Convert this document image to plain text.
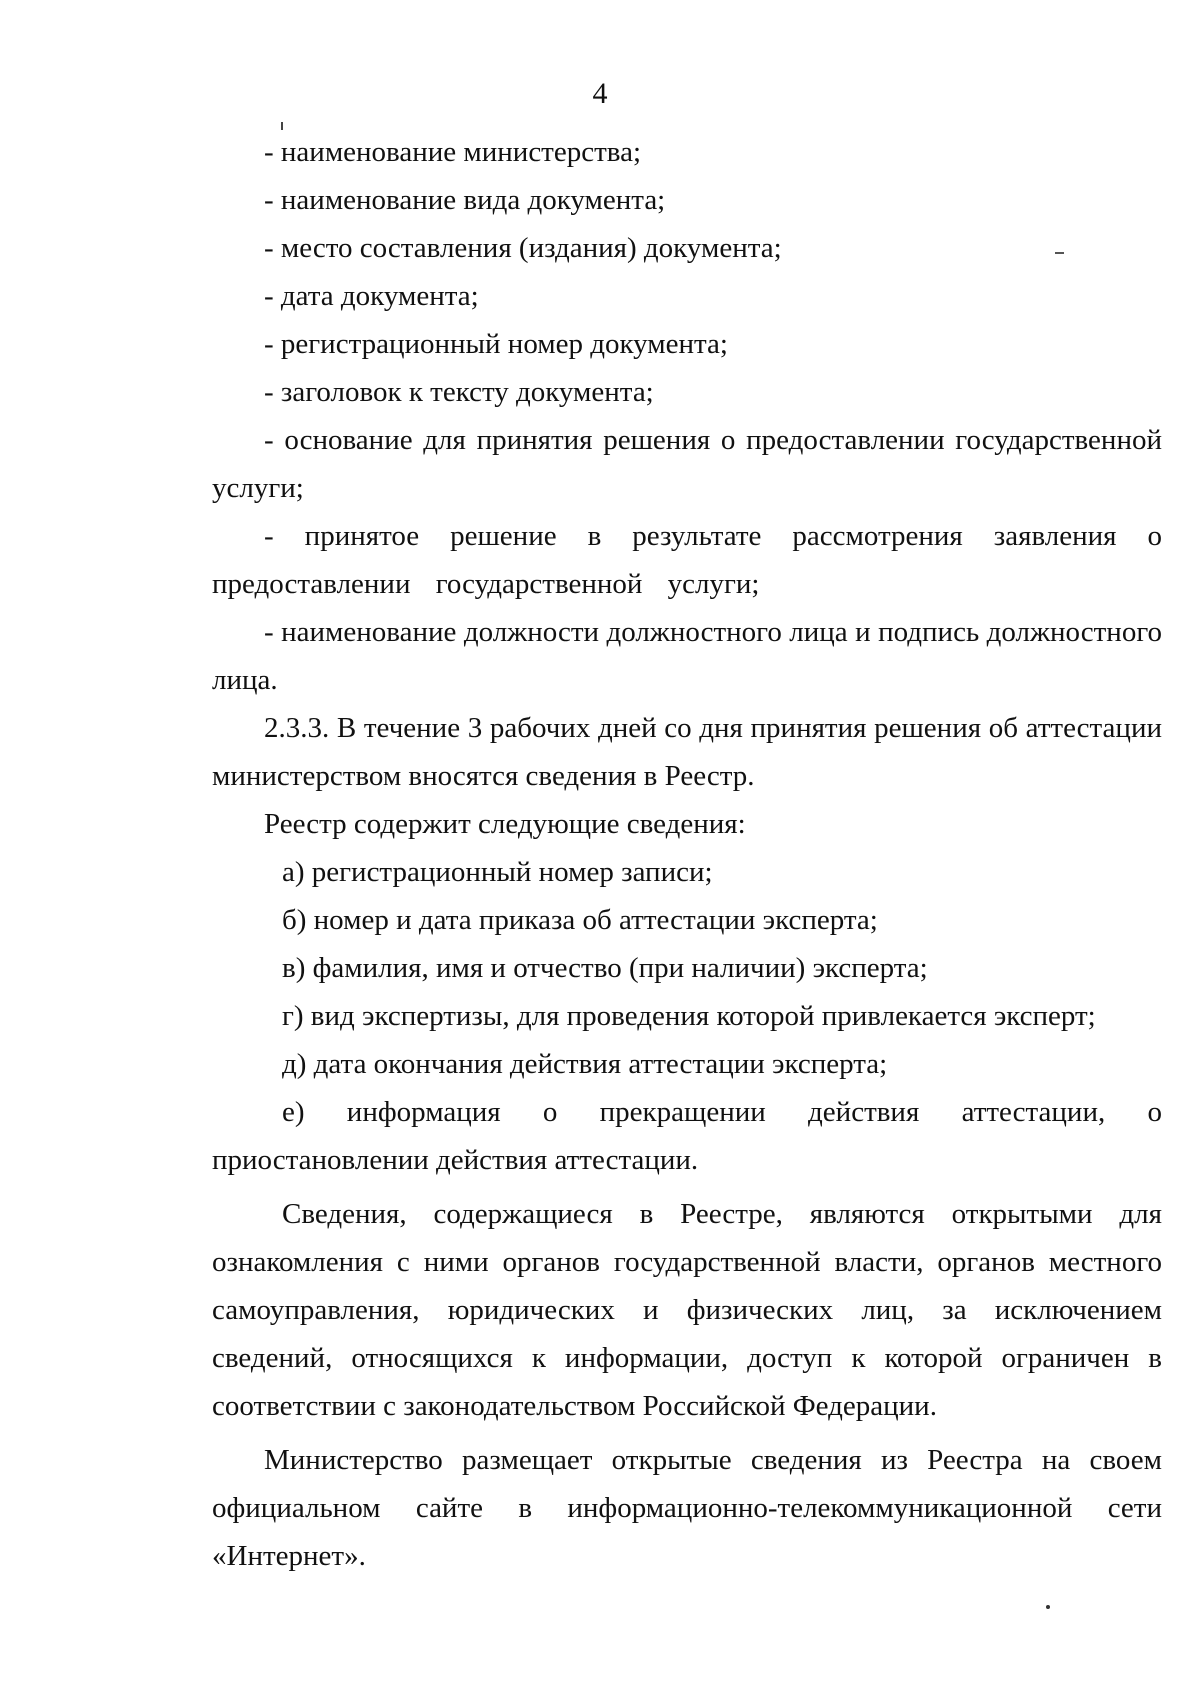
4

- наименование министерства;

- наименование вида документа;

- место составления (издания) документа;

- дата документа;

- регистрационный номер документа;

- заголовок к тексту документа;

- основание для принятия решения о предоставлении государственной услуги;

- принятое решение в результате рассмотрения заявления о предоставлении государственной услуги;

- наименование должности должностного лица и подпись должностного лица.

2.3.3. В течение 3 рабочих дней со дня принятия решения об аттестации министерством вносятся сведения в Реестр.

Реестр содержит следующие сведения:

а) регистрационный номер записи;

б) номер и дата приказа об аттестации эксперта;

в) фамилия, имя и отчество (при наличии) эксперта;

г) вид экспертизы, для проведения которой привлекается эксперт;

д) дата окончания действия аттестации эксперта;

е) информация о прекращении действия аттестации, о приостановлении действия аттестации.

Сведения, содержащиеся в Реестре, являются открытыми для ознакомления с ними органов государственной власти, органов местного самоуправления, юридических и физических лиц, за исключением сведений, относящихся к информации, доступ к которой ограничен в соответствии с законодательством Российской Федерации.

Министерство размещает открытые сведения из Реестра на своем официальном сайте в информационно-телекоммуникационной сети «Интернет».
